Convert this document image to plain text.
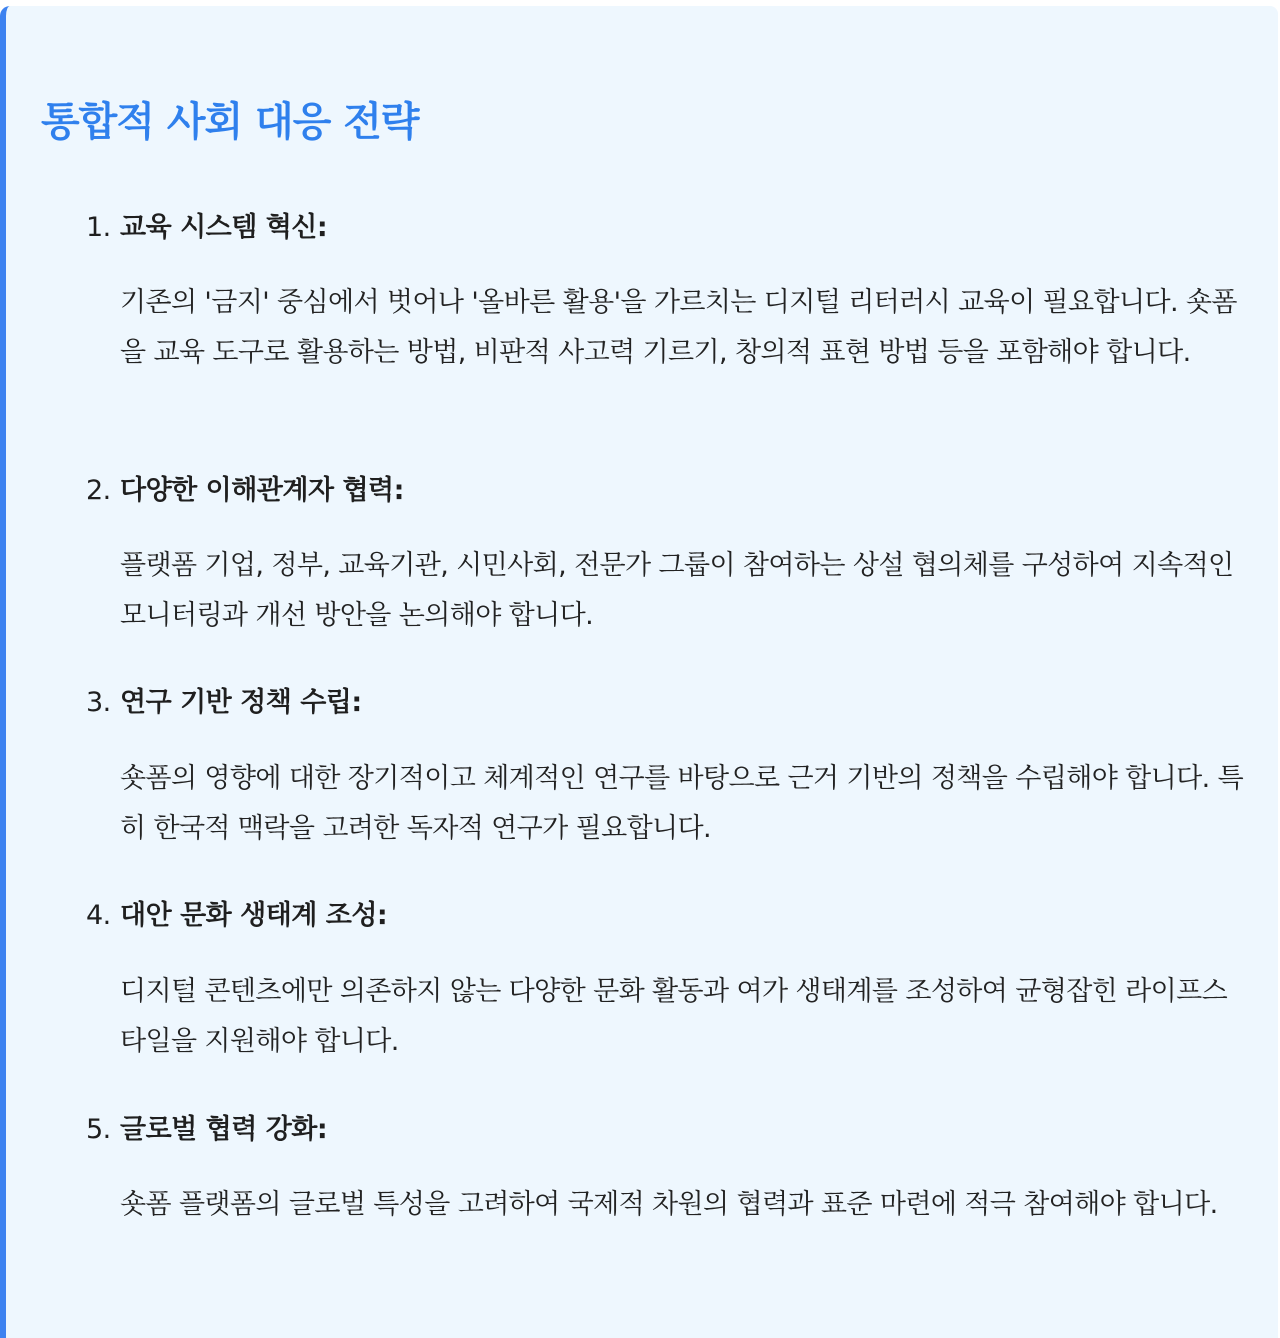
통합적 사회 대응 전략
1. 교육 시스템 혁신:

기존의 '금지' 중심에서 벗어나 '올바른 활용'을 가르치는 디지털 리터러시 교육이 필요합니다. 숏폼을 교육 도구로 활용하는 방법, 비판적 사고력 기르기, 창의적 표현 방법 등을 포함해야 합니다.

2. 다양한 이해관계자 협력:

플랫폼 기업, 정부, 교육기관, 시민사회, 전문가 그룹이 참여하는 상설 협의체를 구성하여 지속적인 모니터링과 개선 방안을 논의해야 합니다.

3. 연구 기반 정책 수립:

숏폼의 영향에 대한 장기적이고 체계적인 연구를 바탕으로 근거 기반의 정책을 수립해야 합니다. 특히 한국적 맥락을 고려한 독자적 연구가 필요합니다.

4. 대안 문화 생태계 조성:

디지털 콘텐츠에만 의존하지 않는 다양한 문화 활동과 여가 생태계를 조성하여 균형잡힌 라이프스타일을 지원해야 합니다.

5. 글로벌 협력 강화:

숏폼 플랫폼의 글로벌 특성을 고려하여 국제적 차원의 협력과 표준 마련에 적극 참여해야 합니다.
